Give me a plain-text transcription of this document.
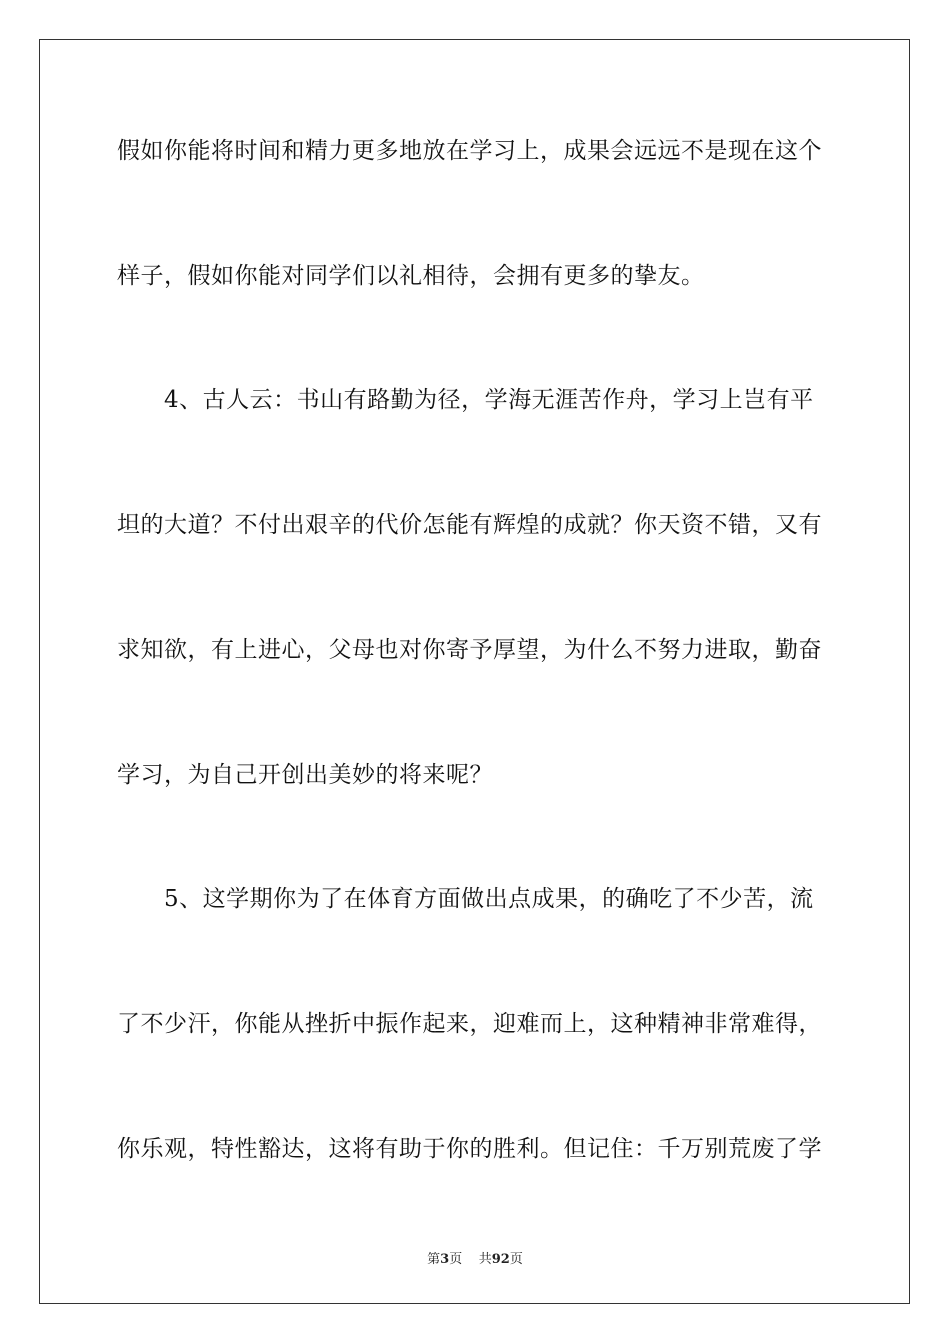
假如你能将时间和精力更多地放在学习上，成果会远远不是现在这个
样子，假如你能对同学们以礼相待，会拥有更多的挚友。
　　4、古人云：书山有路勤为径，学海无涯苦作舟，学习上岂有平
坦的大道？不付出艰辛的代价怎能有辉煌的成就？你天资不错，又有
求知欲，有上进心，父母也对你寄予厚望，为什么不努力进取，勤奋
学习，为自己开创出美妙的将来呢？
　　5、这学期你为了在体育方面做出点成果，的确吃了不少苦，流
了不少汗，你能从挫折中振作起来，迎难而上，这种精神非常难得，
你乐观，特性豁达，这将有助于你的胜利。但记住：千万别荒废了学
第3页 共92页
